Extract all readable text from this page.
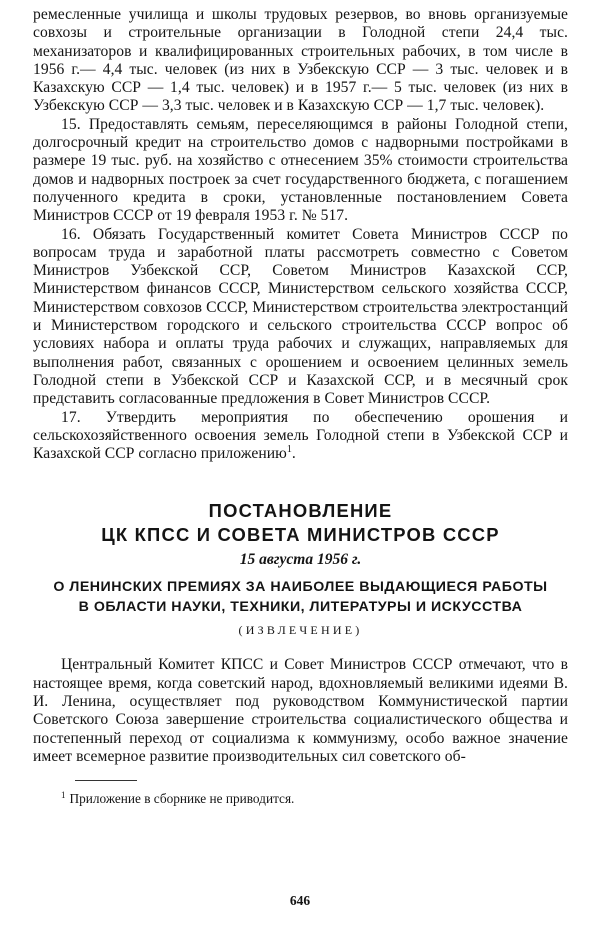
ремесленные училища и школы трудовых резервов, во вновь организуемые совхозы и строительные организации в Голодной степи 24,4 тыс. механизаторов и квалифицированных строительных рабочих, в том числе в 1956 г.— 4,4 тыс. человек (из них в Узбекскую ССР — 3 тыс. человек и в Казахскую ССР — 1,4 тыс. человек) и в 1957 г.— 5 тыс. человек (из них в Узбекскую ССР — 3,3 тыс. человек и в Казахскую ССР — 1,7 тыс. человек).

15. Предоставлять семьям, переселяющимся в районы Голодной степи, долгосрочный кредит на строительство домов с надворными постройками в размере 19 тыс. руб. на хозяйство с отнесением 35% стоимости строительства домов и надворных построек за счет государственного бюджета, с погашением полученного кредита в сроки, установленные постановлением Совета Министров СССР от 19 февраля 1953 г. № 517.

16. Обязать Государственный комитет Совета Министров СССР по вопросам труда и заработной платы рассмотреть совместно с Советом Министров Узбекской ССР, Советом Министров Казахской ССР, Министерством финансов СССР, Министерством сельского хозяйства СССР, Министерством совхозов СССР, Министерством строительства электростанций и Министерством городского и сельского строительства СССР вопрос об условиях набора и оплаты труда рабочих и служащих, направляемых для выполнения работ, связанных с орошением и освоением целинных земель Голодной степи в Узбекской ССР и Казахской ССР, и в месячный срок представить согласованные предложения в Совет Министров СССР.

17. Утвердить мероприятия по обеспечению орошения и сельскохозяйственного освоения земель Голодной степи в Узбекской ССР и Казахской ССР согласно приложению$^1$.

ПОСТАНОВЛЕНИЕ

ЦК КПСС И СОВЕТА МИНИСТРОВ СССР

15 августа 1956 г.

О ЛЕНИНСКИХ ПРЕМИЯХ ЗА НАИБОЛЕЕ ВЫДАЮЩИЕСЯ РАБОТЫ

В ОБЛАСТИ НАУКИ, ТЕХНИКИ, ЛИТЕРАТУРЫ И ИСКУССТВА

(ИЗВЛЕЧЕНИЕ)

Центральный Комитет КПСС и Совет Министров СССР отмечают, что в настоящее время, когда советский народ, вдохновляемый великими идеями В. И. Ленина, осуществляет под руководством Коммунистической партии Советского Союза завершение строительства социалистического общества и постепенный переход от социализма к коммунизму, особо важное значение имеет всемерное развитие производительных сил советского об-

$^1$ Приложение в сборнике не приводится.

646
